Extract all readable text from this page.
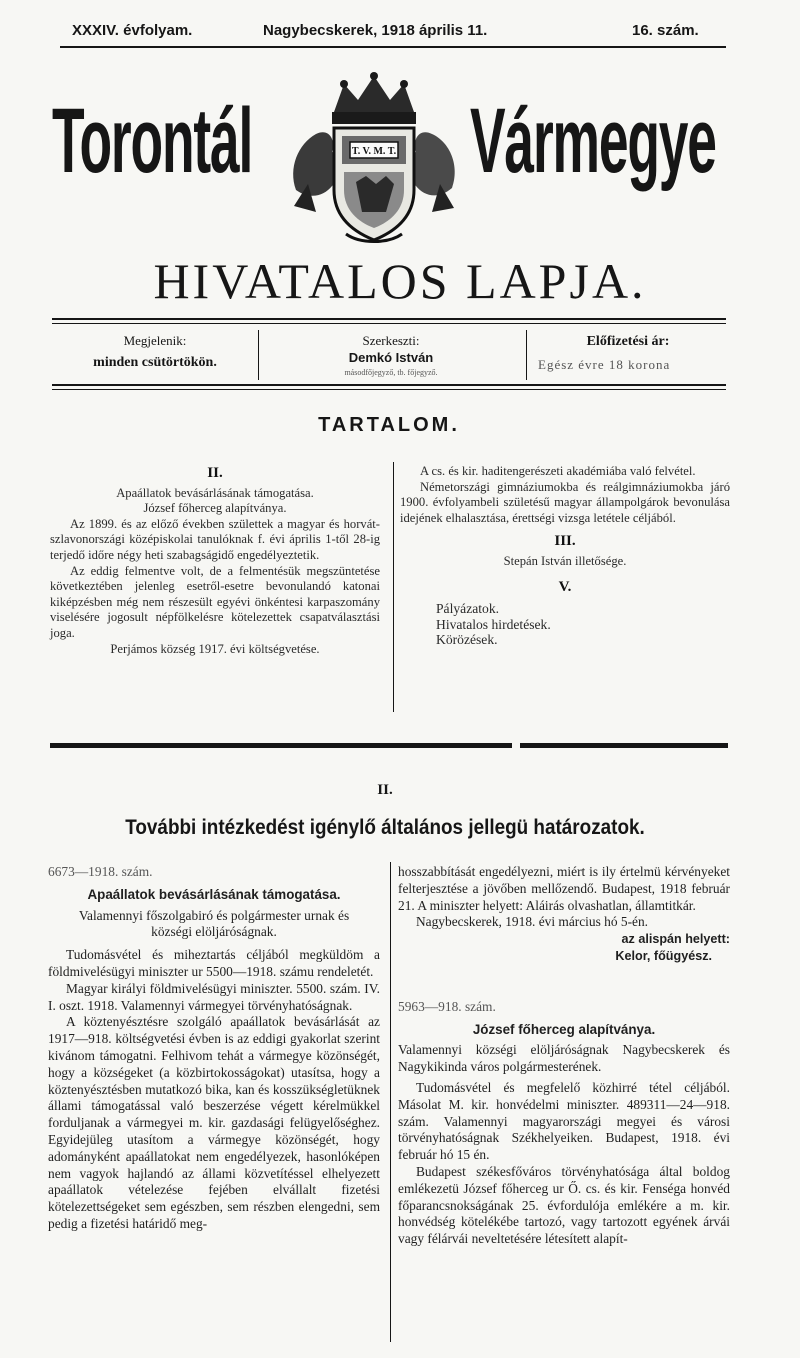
XXXIV. évfolyam.	Nagybecskerek, 1918 április 11.	16. szám.
Torontál	T. V. M. T. Vármegye
HIVATALOS LAPJA.
Megjelenik:
minden csütörtökön.
Szerkeszti:
Demkó István
másodfőjegyző, tb. főjegyző.
Előfizetési ár:
Egész évre 18 korona
TARTALOM.

II.

Apaállatok bevásárlásának támogatása.

József főherceg alapítványa.

Az 1899. és az előző években születtek a magyar és horvát-szlavonországi középiskolai tanulóknak f. évi április 1-től 28-ig terjedő időre négy heti szabagságidő engedélyeztetik.

Az eddig felmentve volt, de a felmentésük megszüntetése következtében jelenleg esetről-esetre bevonulandó katonai kiképzésben még nem részesült egyévi önkéntesi karpaszomány viselésére jogosult népfölkelésre kötelezettek csapatválasztási joga.

Perjámos község 1917. évi költségvetése.

A cs. és kir. haditengerészeti akadémiába való felvétel.

Németországi gimnáziumokba és reálgimnáziumokba járó 1900. évfolyambeli születésű magyar állampolgárok bevonulása idejének elhalasztása, érettségi vizsga letétele céljából.

III.

Stepán István illetősége.

V.

Pályázatok.

Hivatalos hirdetések.

Körözések.

II.
További intézkedést igénylő általános jellegü határozatok.

6673—1918. szám.

Apaállatok bevásárlásának támogatása.

Valamennyi főszolgabiró és polgármester urnak és községi elöljáróságnak.

Tudomásvétel és miheztartás céljából megküldöm a földmivelésügyi miniszter ur 5500—1918. számu rendeletét.

Magyar királyi földmivelésügyi miniszter. 5500. szám. IV. I. oszt. 1918. Valamennyi vármegyei törvényhatóságnak.

A köztenyésztésre szolgáló apaállatok bevásárlását az 1917—918. költségvetési évben is az eddigi gyakorlat szerint kivánom támogatni. Felhivom tehát a vármegye közönségét, hogy a községeket (a közbirtokosságokat) utasítsa, hogy a köztenyésztésben mutatkozó bika, kan és kosszükségletüknek állami támogatással való beszerzése végett kérelmükkel forduljanak a vármegyei m. kir. gazdasági felügyelőséghez. Egyidejüleg utasítom a vármegye közönségét, hogy adományként apaállatokat nem engedélyezek, hasonlóképen nem vagyok hajlandó az állami közvetítéssel elhelyezett apaállatok vételezése fejében elvállalt fizetési kötelezettségeket sem egészben, sem részben elengedni, sem pedig a fizetési határidő meg-

hosszabbítását engedélyezni, miért is ily értelmü kérvényeket felterjesztése a jövőben mellőzendő. Budapest, 1918 február 21. A miniszter helyett: Aláirás olvashatlan, államtitkár.

Nagybecskerek, 1918. évi március hó 5-én.

az alispán helyett:

Kelor, főügyész.

5963—918. szám.

József főherceg alapítványa.

Valamennyi községi elöljáróságnak Nagybecskerek és Nagykikinda város polgármesterének.

Tudomásvétel és megfelelő közhirré tétel céljából. Másolat M. kir. honvédelmi miniszter. 489311—24—918. szám. Valamennyi magyarországi megyei és városi törvényhatóságnak Székhelyeiken. Budapest, 1918. évi február hó 15 én.

Budapest székesfőváros törvényhatósága által boldog emlékezetü József főherceg ur Ő. cs. és kir. Fenséga honvéd főparancsnokságának 25. évfordulója emlékére a m. kir. honvédség kötelékébe tartozó, vagy tartozott egyének árvái vagy félárvái neveltetésére létesített alapít-
